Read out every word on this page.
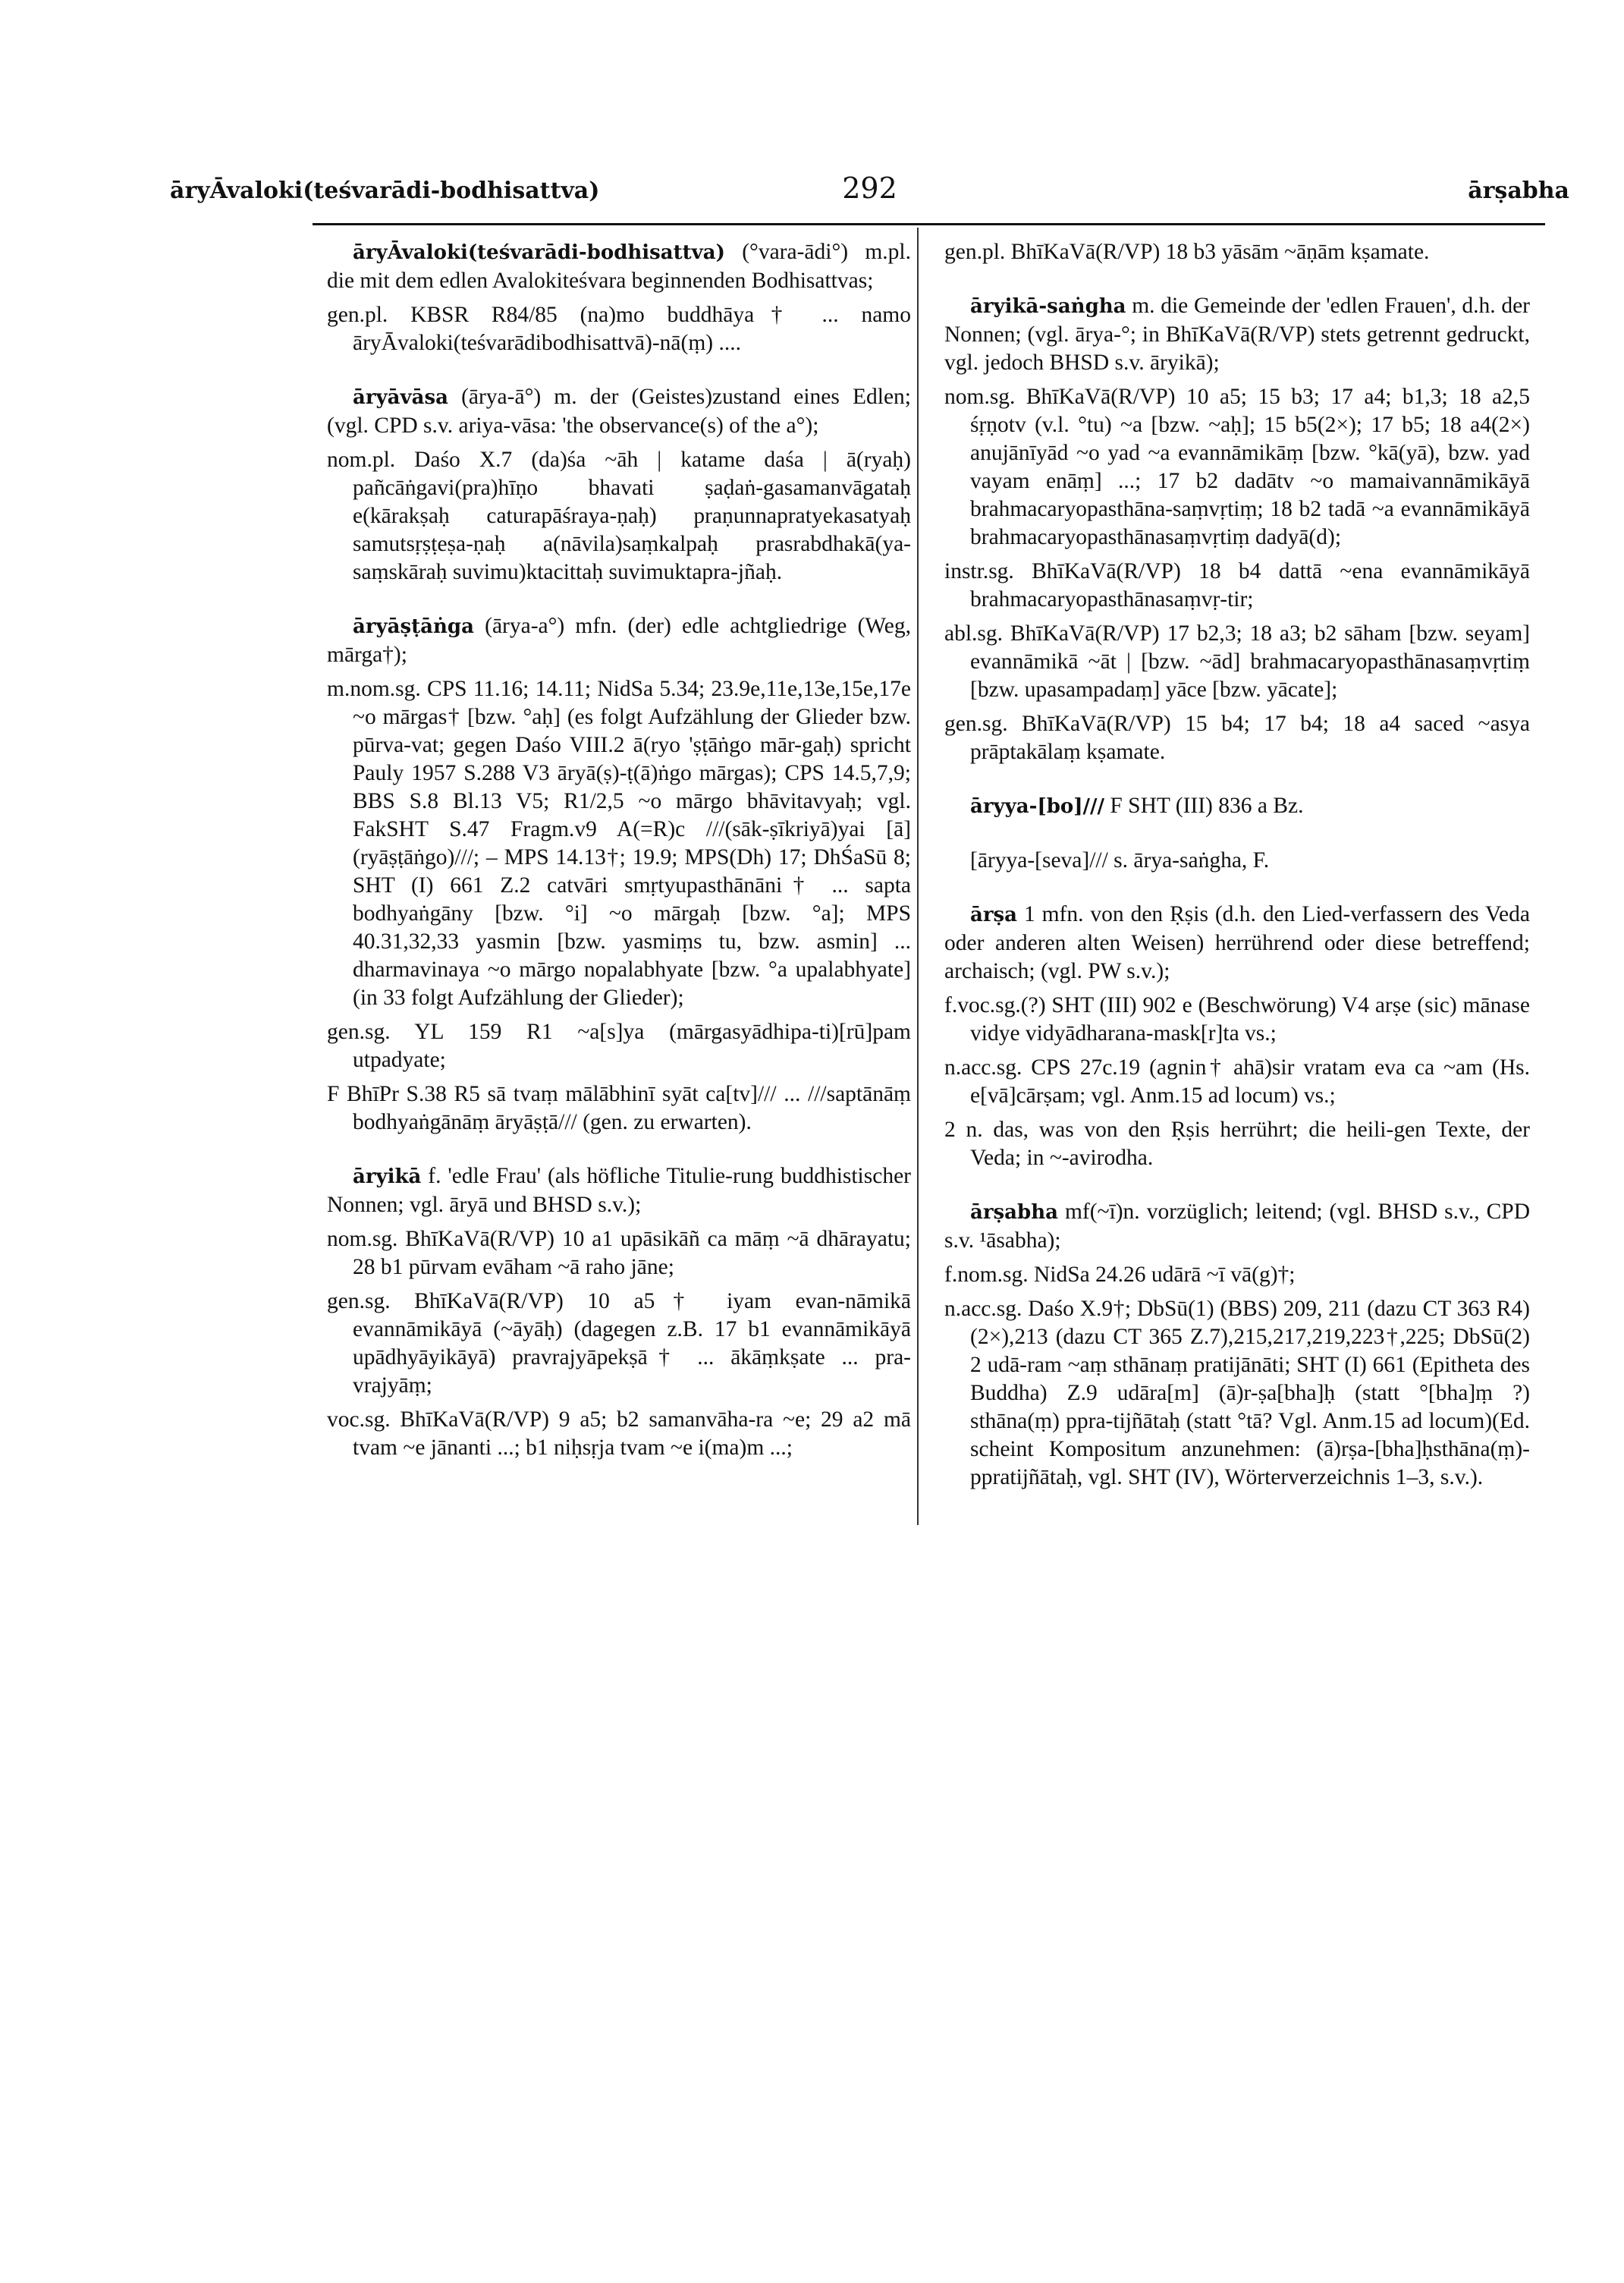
āryĀvaloki(teśvarādi-bodhisattva)	292	ārṣabha

āryĀvaloki(teśvarādi-bodhisattva) (°vara-ādi°) m.pl. die mit dem edlen Avalokiteśvara beginnenden Bodhisattvas;

gen.pl. KBSR R84/85 (na)mo buddhāya† ... namo āryĀvaloki(teśvarādibodhisattvā)-nā(ṃ) ....

āryāvāsa (ārya-ā°) m. der (Geistes)zustand eines Edlen; (vgl. CPD s.v. ariya-vāsa: 'the observance(s) of the a°);

nom.pl. Daśo X.7 (da)śa ~āh | katame daśa | ā(ryaḥ) pañcāṅgavi(pra)hīṇo bhavati ṣaḍaṅ-gasamanvāgataḥ e(kārakṣaḥ caturapāśraya-ṇaḥ) praṇunnapratyekasatyaḥ samutsṛṣṭeṣa-ṇaḥ a(nāvila)saṃkalpaḥ prasrabdhakā(ya-saṃskāraḥ suvimu)ktacittaḥ suvimuktapra-jñaḥ.

āryāṣṭāṅga (ārya-a°) mfn. (der) edle achtgliedrige (Weg, mārga†);

m.nom.sg. CPS 11.16; 14.11; NidSa 5.34; 23.9e,11e,13e,15e,17e ~o mārgas† [bzw. °aḥ] (es folgt Aufzählung der Glieder bzw. pūrva-vat; gegen Daśo VIII.2 ā(ryo 'ṣṭāṅgo mār-gaḥ) spricht Pauly 1957 S.288 V3 āryā(ṣ)-ṭ(ā)ṅgo mārgas); CPS 14.5,7,9; BBS S.8 Bl.13 V5; R1/2,5 ~o mārgo bhāvitavyaḥ; vgl. FakSHT S.47 Fragm.v9 A(=R)c ///(sāk-ṣīkriyā)yai [ā](ryāṣṭāṅgo)///; – MPS 14.13†; 19.9; MPS(Dh) 17; DhŚaSū 8; SHT (I) 661 Z.2 catvāri smṛtyupasthānāni† ... sapta bodhyaṅgāny [bzw. °i] ~o mārgaḥ [bzw. °a]; MPS 40.31,32,33 yasmin [bzw. yasmiṃs tu, bzw. asmin] ... dharmavinaya ~o mārgo nopalabhyate [bzw. °a upalabhyate] (in 33 folgt Aufzählung der Glieder);

gen.sg. YL 159 R1 ~a[s]ya (mārgasyādhipa-ti)[rū]pam utpadyate;

F BhīPr S.38 R5 sā tvaṃ mālābhinī syāt ca[tv]/// ... ///saptānāṃ bodhyaṅgānāṃ āryāṣṭā/// (gen. zu erwarten).

āryikā f. 'edle Frau' (als höfliche Titulie-rung buddhistischer Nonnen; vgl. āryā und BHSD s.v.);

nom.sg. BhīKaVā(R/VP) 10 a1 upāsikāñ ca māṃ ~ā dhārayatu; 28 b1 pūrvam evāham ~ā raho jāne;

gen.sg. BhīKaVā(R/VP) 10 a5† iyam evan-nāmikā evannāmikāyā (~āyāḥ) (dagegen z.B. 17 b1 evannāmikāyā upādhyāyikāyā) pravrajyāpekṣā† ... ākāṃkṣate ... pra-vrajyāṃ;

voc.sg. BhīKaVā(R/VP) 9 a5; b2 samanvāha-ra ~e; 29 a2 mā tvam ~e jānanti ...; b1 niḥsṛja tvam ~e i(ma)m ...;

gen.pl. BhīKaVā(R/VP) 18 b3 yāsām ~āṇām kṣamate.

āryikā-saṅgha m. die Gemeinde der 'edlen Frauen', d.h. der Nonnen; (vgl. ārya-°; in BhīKaVā(R/VP) stets getrennt gedruckt, vgl. jedoch BHSD s.v. āryikā);

nom.sg. BhīKaVā(R/VP) 10 a5; 15 b3; 17 a4; b1,3; 18 a2,5 śṛṇotv (v.l. °tu) ~a [bzw. ~aḥ]; 15 b5(2×); 17 b5; 18 a4(2×) anujānīyād ~o yad ~a evannāmikāṃ [bzw. °kā(yā), bzw. yad vayam enāṃ] ...; 17 b2 dadātv ~o mamaivannāmikāyā brahmacaryopasthāna-saṃvṛtiṃ; 18 b2 tadā ~a evannāmikāyā brahmacaryopasthānasaṃvṛtiṃ dadyā(d);

instr.sg. BhīKaVā(R/VP) 18 b4 dattā ~ena evannāmikāyā brahmacaryopasthānasaṃvṛ-tir;

abl.sg. BhīKaVā(R/VP) 17 b2,3; 18 a3; b2 sāham [bzw. seyam] evannāmikā ~āt | [bzw. ~ād] brahmacaryopasthānasaṃvṛtiṃ [bzw. upasampadaṃ] yāce [bzw. yācate];

gen.sg. BhīKaVā(R/VP) 15 b4; 17 b4; 18 a4 saced ~asya prāptakālaṃ kṣamate.

āryya-[bo]/// F SHT (III) 836 a Bz.

[āryya-[seva]/// s. ārya-saṅgha, F.

ārṣa 1 mfn. von den Ṛṣis (d.h. den Lied-verfassern des Veda oder anderen alten Weisen) herrührend oder diese betreffend; archaisch; (vgl. PW s.v.);

f.voc.sg.(?) SHT (III) 902 e (Beschwörung) V4 arṣe (sic) mānase vidye vidyādharana-mask[r]ta vs.;

n.acc.sg. CPS 27c.19 (agnin† ahā)sir vratam eva ca ~am (Hs. e[vā]cārṣam; vgl. Anm.15 ad locum) vs.;

2 n. das, was von den Ṛṣis herrührt; die heili-gen Texte, der Veda; in ~-avirodha.

ārṣabha mf(~ī)n. vorzüglich; leitend; (vgl. BHSD s.v., CPD s.v. ¹āsabha);

f.nom.sg. NidSa 24.26 udārā ~ī vā(g)†;

n.acc.sg. Daśo X.9†; DbSū(1) (BBS) 209, 211 (dazu CT 363 R4)(2×),213 (dazu CT 365 Z.7),215,217,219,223†,225; DbSū(2) 2 udā-ram ~aṃ sthānaṃ pratijānāti; SHT (I) 661 (Epitheta des Buddha) Z.9 udāra[m] (ā)r-ṣa[bha]ḥ (statt °[bha]ṃ ?) sthāna(ṃ) ppra-tijñātaḥ (statt °tā? Vgl. Anm.15 ad locum)(Ed. scheint Kompositum anzunehmen: (ā)rṣa-[bha]ḥsthāna(ṃ)-ppratijñātaḥ, vgl. SHT (IV), Wörterverzeichnis 1–3, s.v.).
